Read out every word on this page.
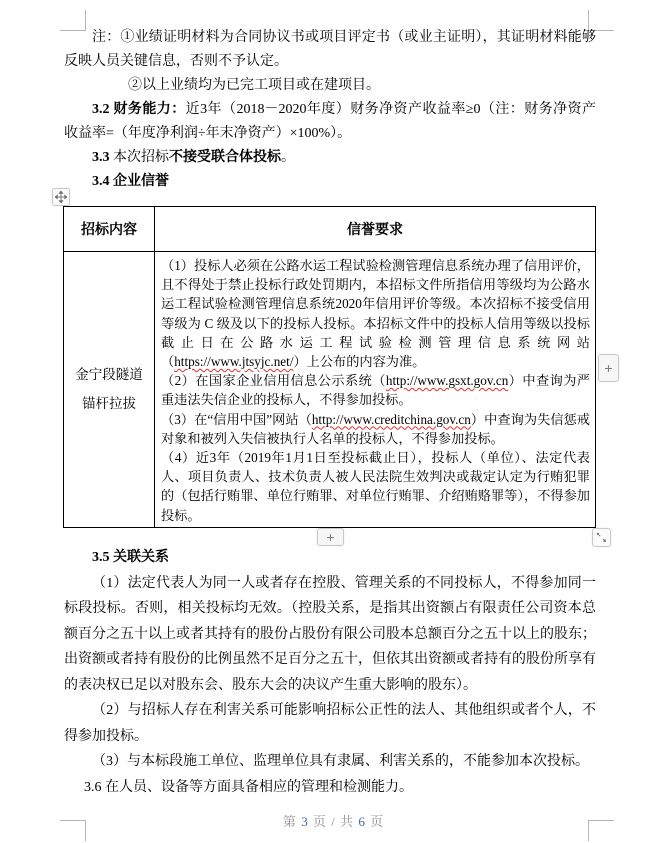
注：①业绩证明材料为合同协议书或项目评定书（或业主证明），其证明材料能够反映人员关键信息，否则不予认定。

②以上业绩均为已完工项目或在建项目。

3.2 财务能力：近3年（2018－2020年度）财务净资产收益率≥0（注：财务净资产收益率=（年度净利润÷年末净资产）×100%）。

3.3 本次招标不接受联合体投标。

3.4 企业信誉

招标内容	信誉要求
金宁段隧道锚杆拉拔	（1）投标人必须在公路水运工程试验检测管理信息系统办理了信用评价，且不得处于禁止投标行政处罚期内，本招标文件所指信用等级均为公路水运工程试验检测管理信息系统2020年信用评价等级。本次招标不接受信用等级为 C 级及以下的投标人投标。本招标文件中的投标人信用等级以投标截止日在公路水运工程试验检测管理信息系统网站（https://www.jtsyjc.net/）上公布的内容为准。

（2）在国家企业信用信息公示系统（http://www.gsxt.gov.cn）中查询为严重违法失信企业的投标人，不得参加投标。

（3）在“信用中国”网站（http://www.creditchina.gov.cn）中查询为失信惩戒对象和被列入失信被执行人名单的投标人，不得参加投标。

（4）近3年（2019年1月1日至投标截止日），投标人（单位）、法定代表人、项目负责人、技术负责人被人民法院生效判决或裁定认定为行贿犯罪的（包括行贿罪、单位行贿罪、对单位行贿罪、介绍贿赂罪等），不得参加投标。

+
+

3.5 关联关系

（1）法定代表人为同一人或者存在控股、管理关系的不同投标人，不得参加同一标段投标。否则，相关投标均无效。（控股关系，是指其出资额占有限责任公司资本总额百分之五十以上或者其持有的股份占股份有限公司股本总额百分之五十以上的股东；出资额或者持有股份的比例虽然不足百分之五十，但依其出资额或者持有的股份所享有的表决权已足以对股东会、股东大会的决议产生重大影响的股东）。

（2）与招标人存在利害关系可能影响招标公正性的法人、其他组织或者个人，不得参加投标。

（3）与本标段施工单位、监理单位具有隶属、利害关系的，不能参加本次投标。

3.6 在人员、设备等方面具备相应的管理和检测能力。

第 3 页 / 共 6 页
